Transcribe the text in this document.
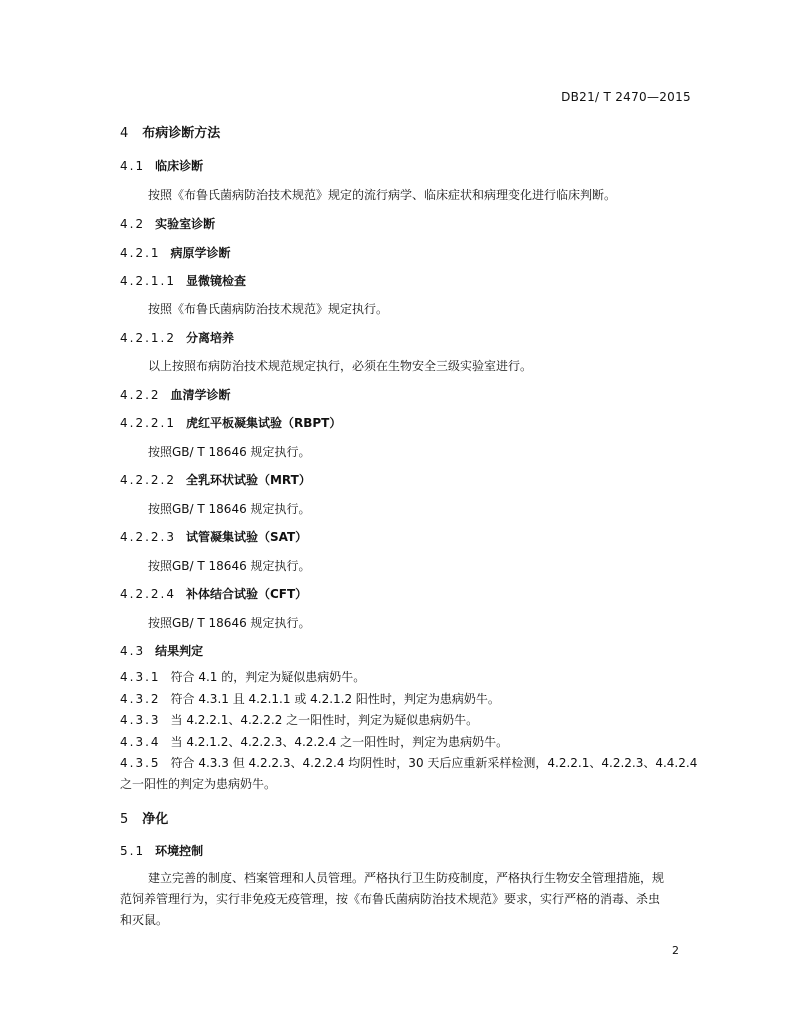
DB21/ T 2470—2015
4 布病诊断方法
4.1 临床诊断
按照《布鲁氏菌病防治技术规范》规定的流行病学、临床症状和病理变化进行临床判断。
4.2 实验室诊断
4.2.1 病原学诊断
4.2.1.1 显微镜检查
按照《布鲁氏菌病防治技术规范》规定执行。
4.2.1.2 分离培养
以上按照布病防治技术规范规定执行，必须在生物安全三级实验室进行。
4.2.2 血清学诊断
4.2.2.1 虎红平板凝集试验（RBPT）
按照GB/ T 18646 规定执行。
4.2.2.2 全乳环状试验（MRT）
按照GB/ T 18646 规定执行。
4.2.2.3 试管凝集试验（SAT）
按照GB/ T 18646 规定执行。
4.2.2.4 补体结合试验（CFT）
按照GB/ T 18646 规定执行。
4.3 结果判定
4.3.1 符合 4.1 的，判定为疑似患病奶牛。
4.3.2 符合 4.3.1 且 4.2.1.1 或 4.2.1.2 阳性时，判定为患病奶牛。
4.3.3 当 4.2.2.1、4.2.2.2 之一阳性时，判定为疑似患病奶牛。
4.3.4 当 4.2.1.2、4.2.2.3、4.2.2.4 之一阳性时，判定为患病奶牛。
4.3.5 符合 4.3.3 但 4.2.2.3、4.2.2.4 均阴性时，30 天后应重新采样检测，4.2.2.1、4.2.2.3、4.4.2.4
之一阳性的判定为患病奶牛。
5 净化
5.1 环境控制
建立完善的制度、档案管理和人员管理。严格执行卫生防疫制度，严格执行生物安全管理措施，规
范饲养管理行为，实行非免疫无疫管理，按《布鲁氏菌病防治技术规范》要求，实行严格的消毒、杀虫
和灭鼠。
2
